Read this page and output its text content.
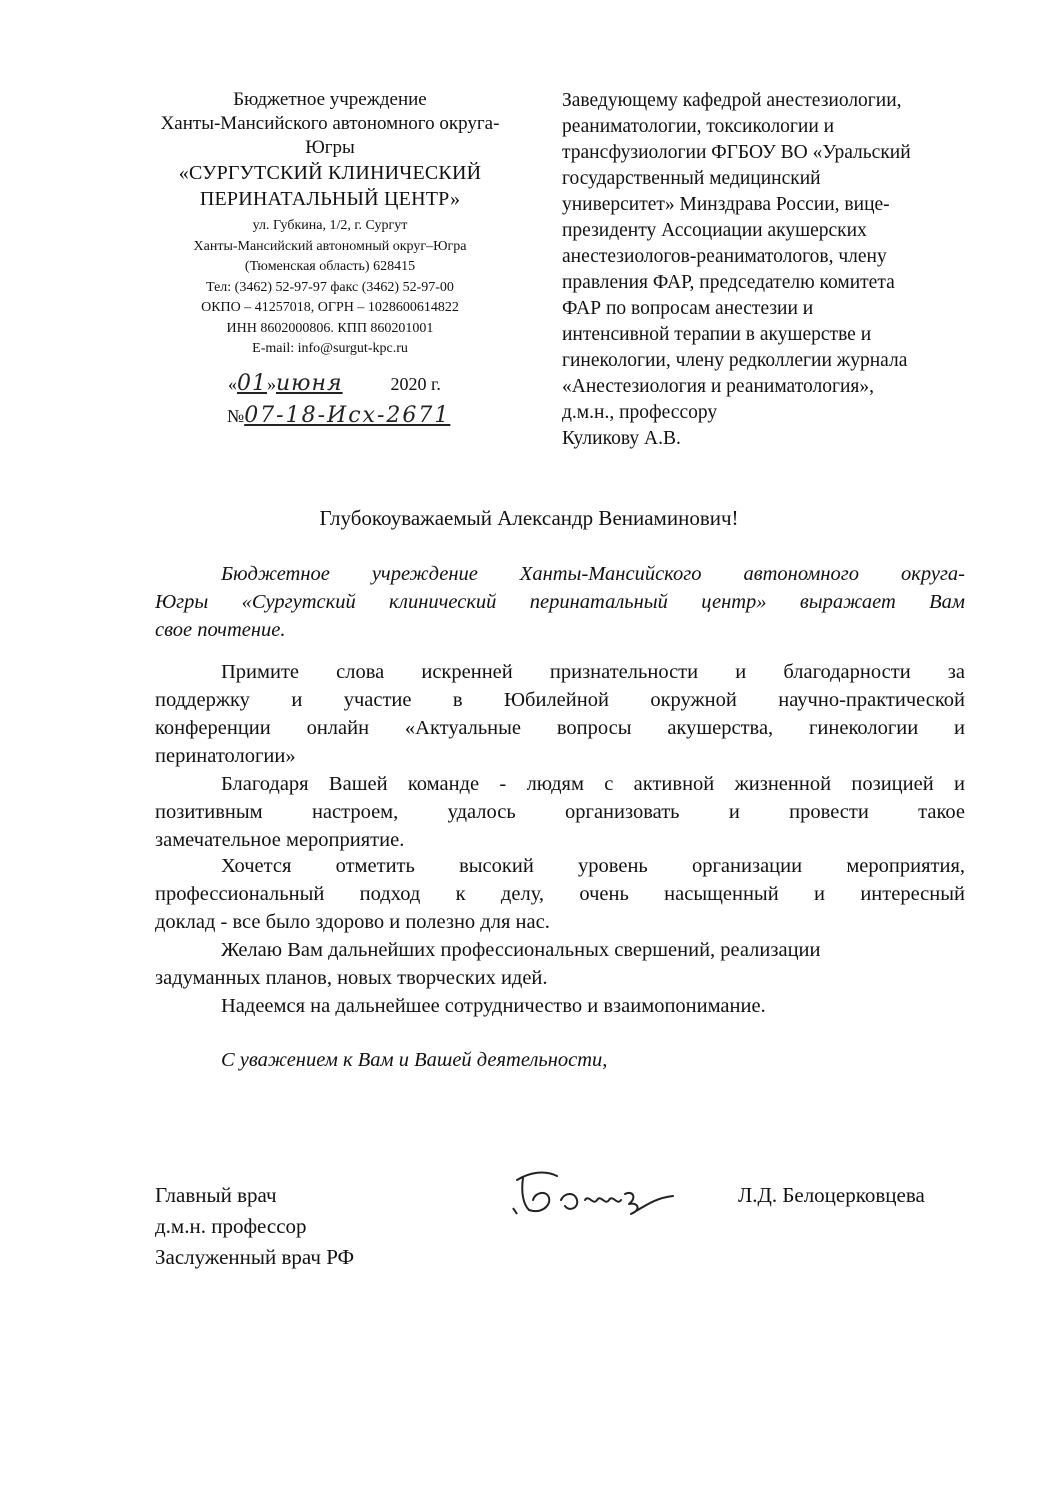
Бюджетное учреждение
Ханты-Мансийского автономного округа-
Югры
«СУРГУТСКИЙ КЛИНИЧЕСКИЙ
ПЕРИНАТАЛЬНЫЙ ЦЕНТР»
ул. Губкина, 1/2, г. Сургут
Ханты-Мансийский автономный округ–Югра
(Тюменская область) 628415
Тел: (3462) 52-97-97 факс (3462) 52-97-00
ОКПО – 41257018, ОГРН – 1028600614822
ИНН 8602000806. КПП 860201001
E-mail: info@surgut-kpc.ru
«01»июня	2020 г.
№07-18-Исх-2671
Заведующему кафедрой анестезиологии,
реаниматологии, токсикологии и
трансфузиологии ФГБОУ ВО «Уральский
государственный медицинский
университет» Минздрава России, вице-
президенту Ассоциации акушерских
анестезиологов-реаниматологов, члену
правления ФАР, председателю комитета
ФАР по вопросам анестезии и
интенсивной терапии в акушерстве и
гинекологии, члену редколлегии журнала
«Анестезиология и реаниматология»,
д.м.н., профессору
Куликову А.В.
Глубокоуважаемый Александр Вениаминович!
Бюджетное учреждение Ханты-Мансийского автономного округа-
Югры «Сургутский клинический перинатальный центр» выражает Вам
свое почтение.
Примите слова искренней признательности и благодарности за
поддержку и участие в Юбилейной окружной научно-практической
конференции онлайн «Актуальные вопросы акушерства, гинекологии и
перинатологии»
Благодаря Вашей команде - людям с активной жизненной позицией и
позитивным настроем, удалось организовать и провести такое
замечательное мероприятие.
Хочется отметить высокий уровень организации мероприятия,
профессиональный подход к делу, очень насыщенный и интересный
доклад - все было здорово и полезно для нас.
Желаю Вам дальнейших профессиональных свершений, реализации
задуманных планов, новых творческих идей.
Надеемся на дальнейшее сотрудничество и взаимопонимание.
С уважением к Вам и Вашей деятельности,
Главный врач
д.м.н. профессор
Заслуженный врач РФ
Л.Д. Белоцерковцева
